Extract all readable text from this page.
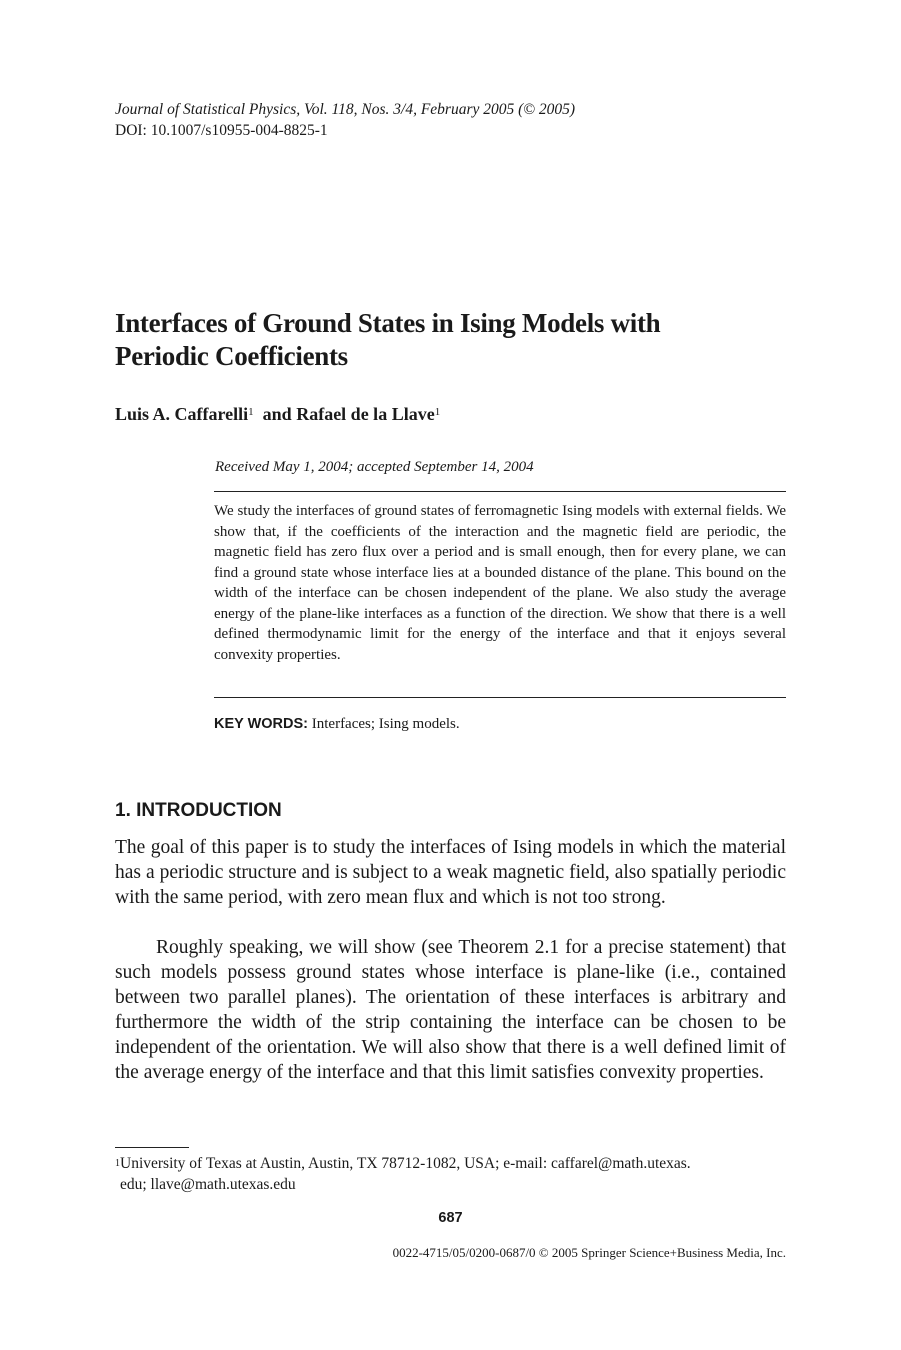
Journal of Statistical Physics, Vol. 118, Nos. 3/4, February 2005 (© 2005)
DOI: 10.1007/s10955-004-8825-1
Interfaces of Ground States in Ising Models with
Periodic Coefficients
Luis A. Caffarelli$^1$ and Rafael de la Llave$^1$
Received May 1, 2004; accepted September 14, 2004
We study the interfaces of ground states of ferromagnetic Ising models with external fields. We show that, if the coefficients of the interaction and the magnetic field are periodic, the magnetic field has zero flux over a period and is small enough, then for every plane, we can find a ground state whose interface lies at a bounded distance of the plane. This bound on the width of the interface can be chosen independent of the plane. We also study the average energy of the plane-like interfaces as a function of the direction. We show that there is a well defined thermodynamic limit for the energy of the interface and that it enjoys several convexity properties.
KEY WORDS: Interfaces; Ising models.
1. INTRODUCTION
The goal of this paper is to study the interfaces of Ising models in which the material has a periodic structure and is subject to a weak magnetic field, also spatially periodic with the same period, with zero mean flux and which is not too strong.
Roughly speaking, we will show (see Theorem 2.1 for a precise statement) that such models possess ground states whose interface is plane-like (i.e., contained between two parallel planes). The orientation of these interfaces is arbitrary and furthermore the width of the strip containing the interface can be chosen to be independent of the orientation. We will also show that there is a well defined limit of the average energy of the interface and that this limit satisfies convexity properties.
$^1$University of Texas at Austin, Austin, TX 78712-1082, USA; e-mail: caffarel@math.utexas.
edu; llave@math.utexas.edu
687
0022-4715/05/0200-0687/0 © 2005 Springer Science+Business Media, Inc.
